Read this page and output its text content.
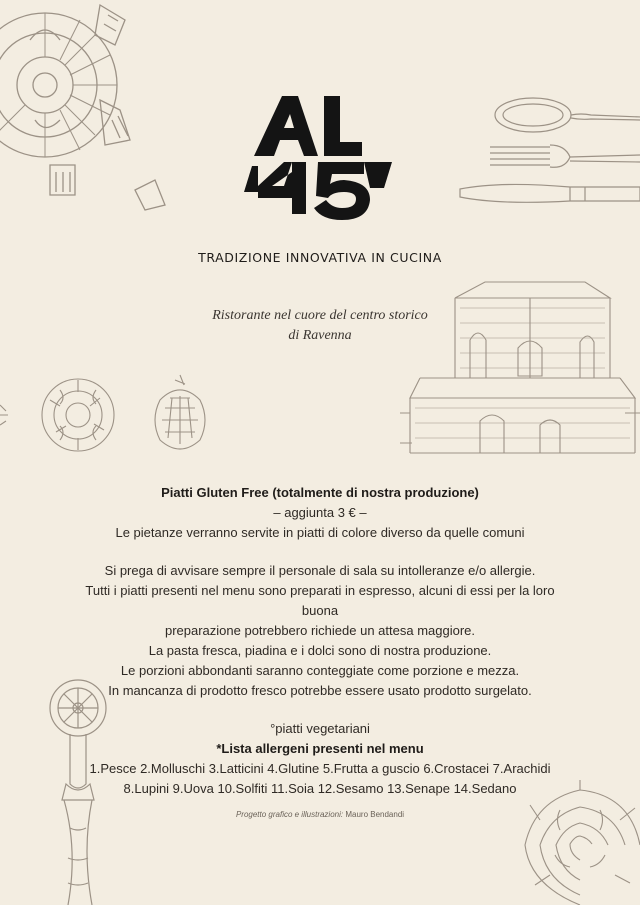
TRADIZIONE INNOVATIVA IN CUCINA
Ristorante nel cuore del centro storico
di Ravenna

Piatti Gluten Free (totalmente di nostra produzione)

– aggiunta 3 € –

Le pietanze verranno servite in piatti di colore diverso da quelle comuni

Si prega di avvisare sempre il personale di sala su intolleranze e/o allergie.

Tutti i piatti presenti nel menu sono preparati in espresso, alcuni di essi per la loro buona

preparazione potrebbero richiede un attesa maggiore.

La pasta fresca, piadina e i dolci sono di nostra produzione.

Le porzioni abbondanti saranno conteggiate come porzione e mezza.

In mancanza di prodotto fresco potrebbe essere usato prodotto surgelato.

°piatti vegetariani

*Lista allergeni presenti nel menu

1.Pesce 2.Molluschi 3.Latticini 4.Glutine 5.Frutta a guscio 6.Crostacei 7.Arachidi

8.Lupini 9.Uova 10.Solfiti 11.Soia 12.Sesamo 13.Senape 14.Sedano

Progetto grafico e illustrazioni: Mauro Bendandi
